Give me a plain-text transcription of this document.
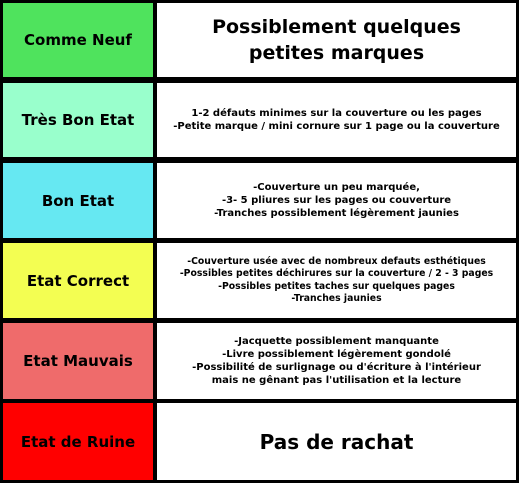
Comme Neuf
Possiblement quelques
petites marques
Très Bon Etat	1-2 défauts minimes sur la couverture ou les pages
-Petite marque / mini cornure sur 1 page ou la couverture
Bon Etat
-Couverture un peu marquée,
-3- 5 pliures sur les pages ou couverture
-Tranches possiblement légèrement jaunies
Etat Correct
-Couverture usée avec de nombreux defauts esthétiques
-Possibles petites déchirures sur la couverture / 2 - 3 pages
-Possibles petites taches sur quelques pages
-Tranches jaunies
Etat Mauvais
-Jacquette possiblement manquante
-Livre possiblement légèrement gondolé
-Possibilité de surlignage ou d'écriture à l'intérieur
mais ne gênant pas l'utilisation et la lecture
Etat de Ruine	Pas de rachat
